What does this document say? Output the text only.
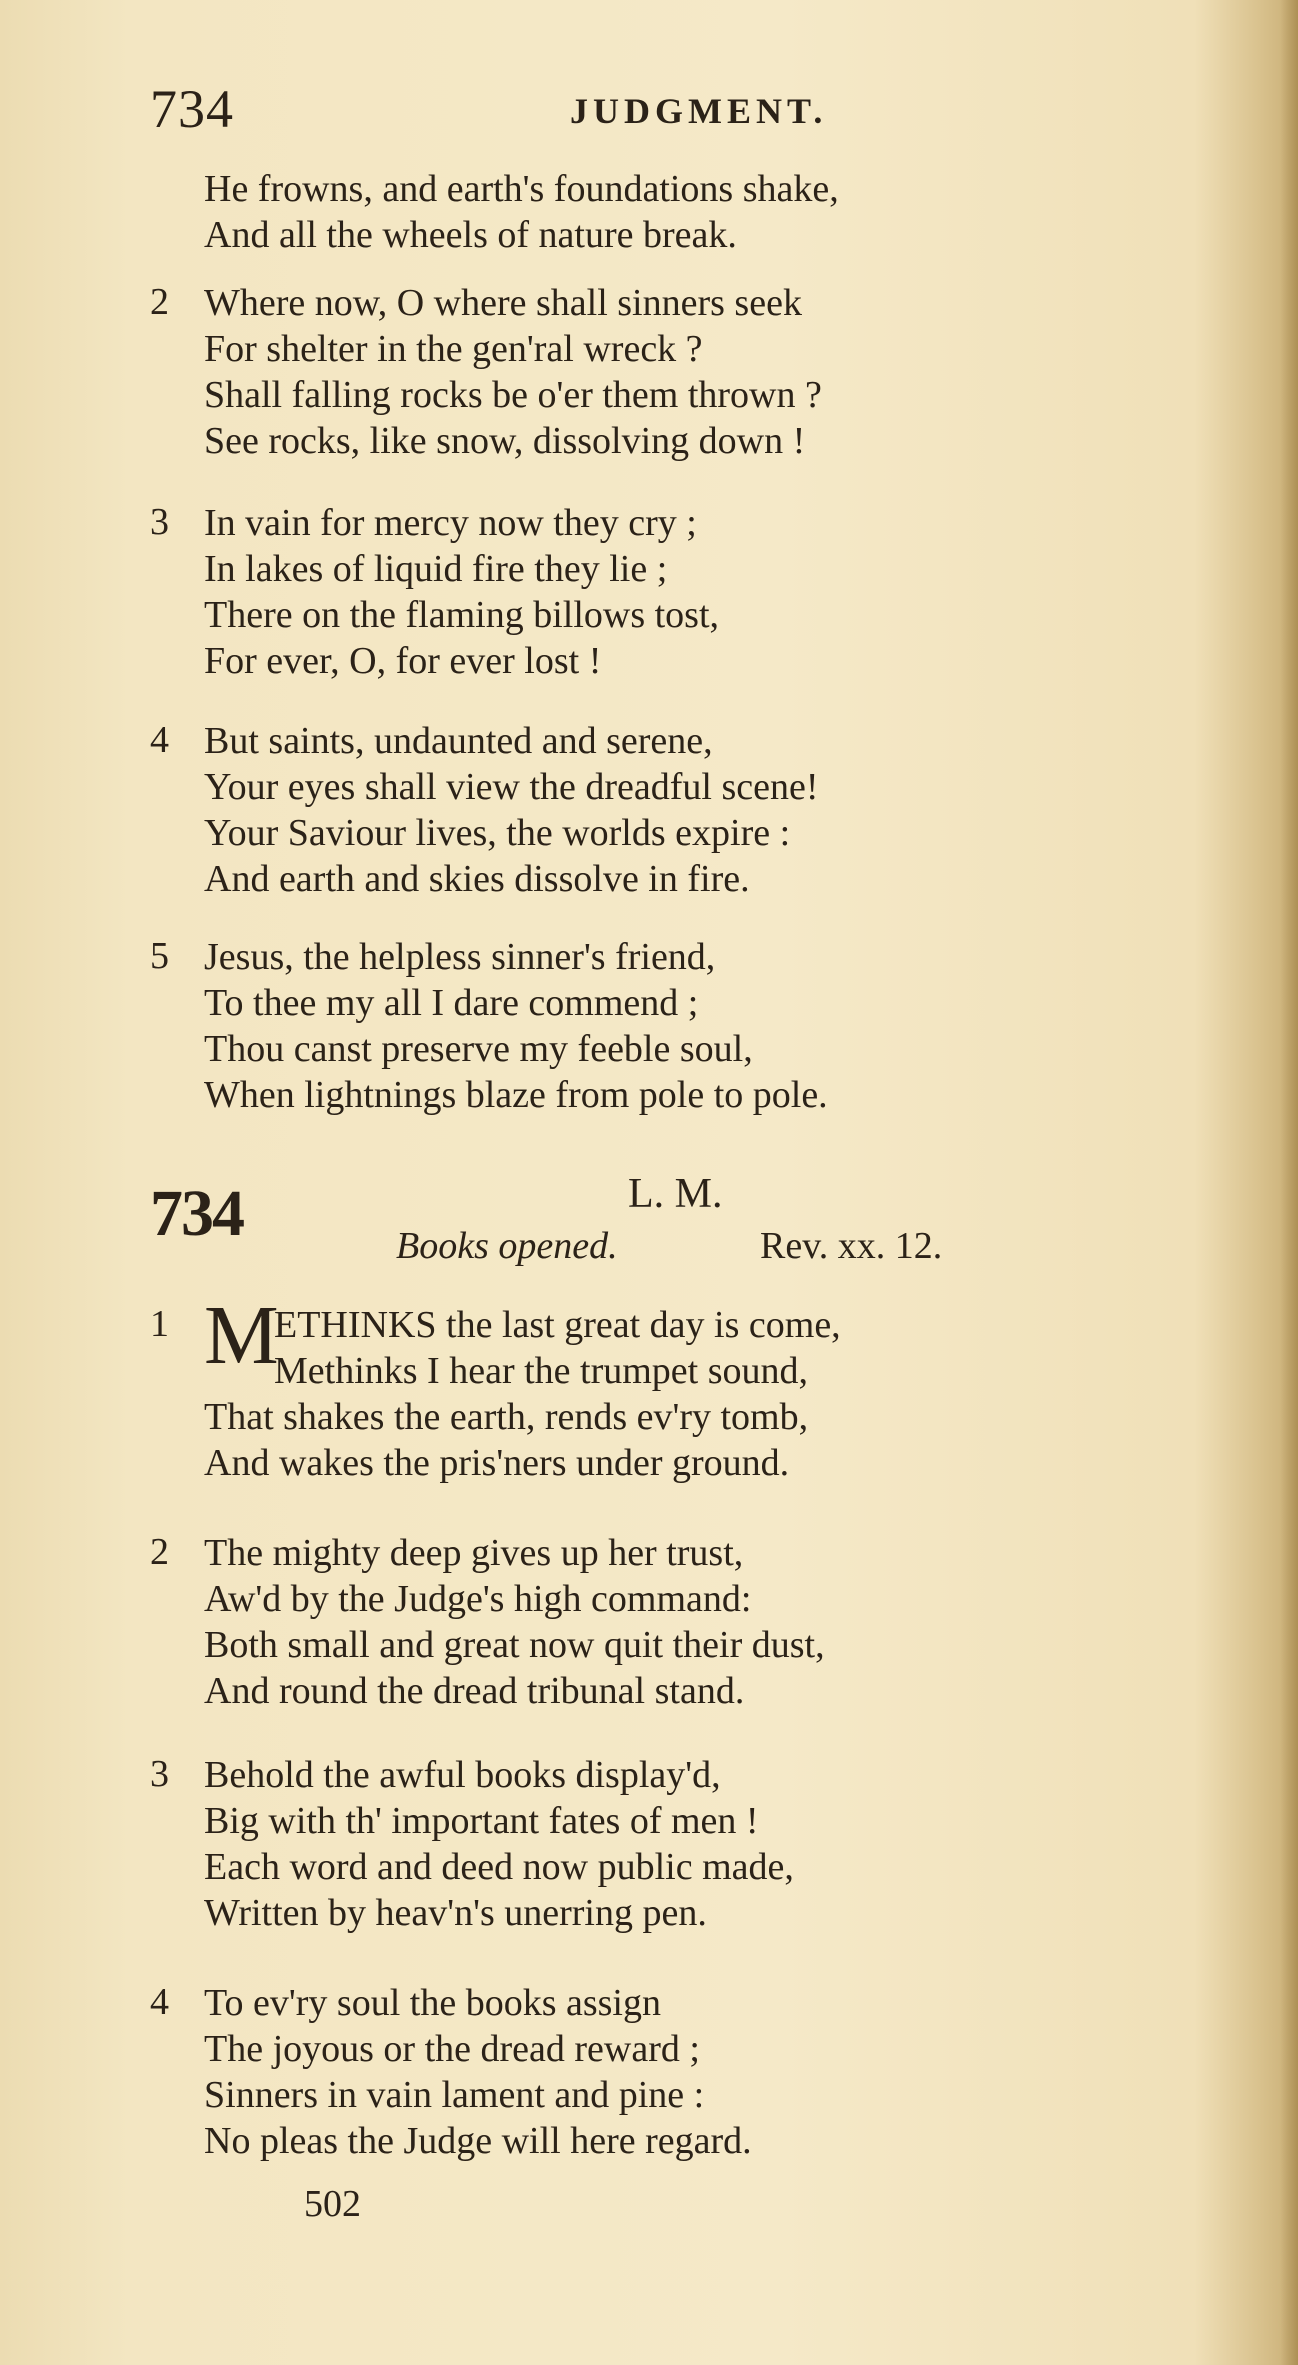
734	JUDGMENT.
He frowns, and earth's foundations shake,
And all the wheels of nature break.
2 Where now, O where shall sinners seek
For shelter in the gen'ral wreck ?
Shall falling rocks be o'er them thrown ?
See rocks, like snow, dissolving down !
3 In vain for mercy now they cry ;
In lakes of liquid fire they lie ;
There on the flaming billows tost,
For ever, O, for ever lost !
4 But saints, undaunted and serene,
Your eyes shall view the dreadful scene!
Your Saviour lives, the worlds expire :
And earth and skies dissolve in fire.
5 Jesus, the helpless sinner's friend,
To thee my all I dare commend ;
Thou canst preserve my feeble soul,
When lightnings blaze from pole to pole.
734	L. M.
Books opened.	Rev. xx. 12.
1 M
ETHINKS the last great day is come,
Methinks I hear the trumpet sound,
That shakes the earth, rends ev'ry tomb,
And wakes the pris'ners under ground.
2 The mighty deep gives up her trust,
Aw'd by the Judge's high command:
Both small and great now quit their dust,
And round the dread tribunal stand.
3 Behold the awful books display'd,
Big with th' important fates of men !
Each word and deed now public made,
Written by heav'n's unerring pen.
4 To ev'ry soul the books assign
The joyous or the dread reward ;
Sinners in vain lament and pine :
No pleas the Judge will here regard.
502
